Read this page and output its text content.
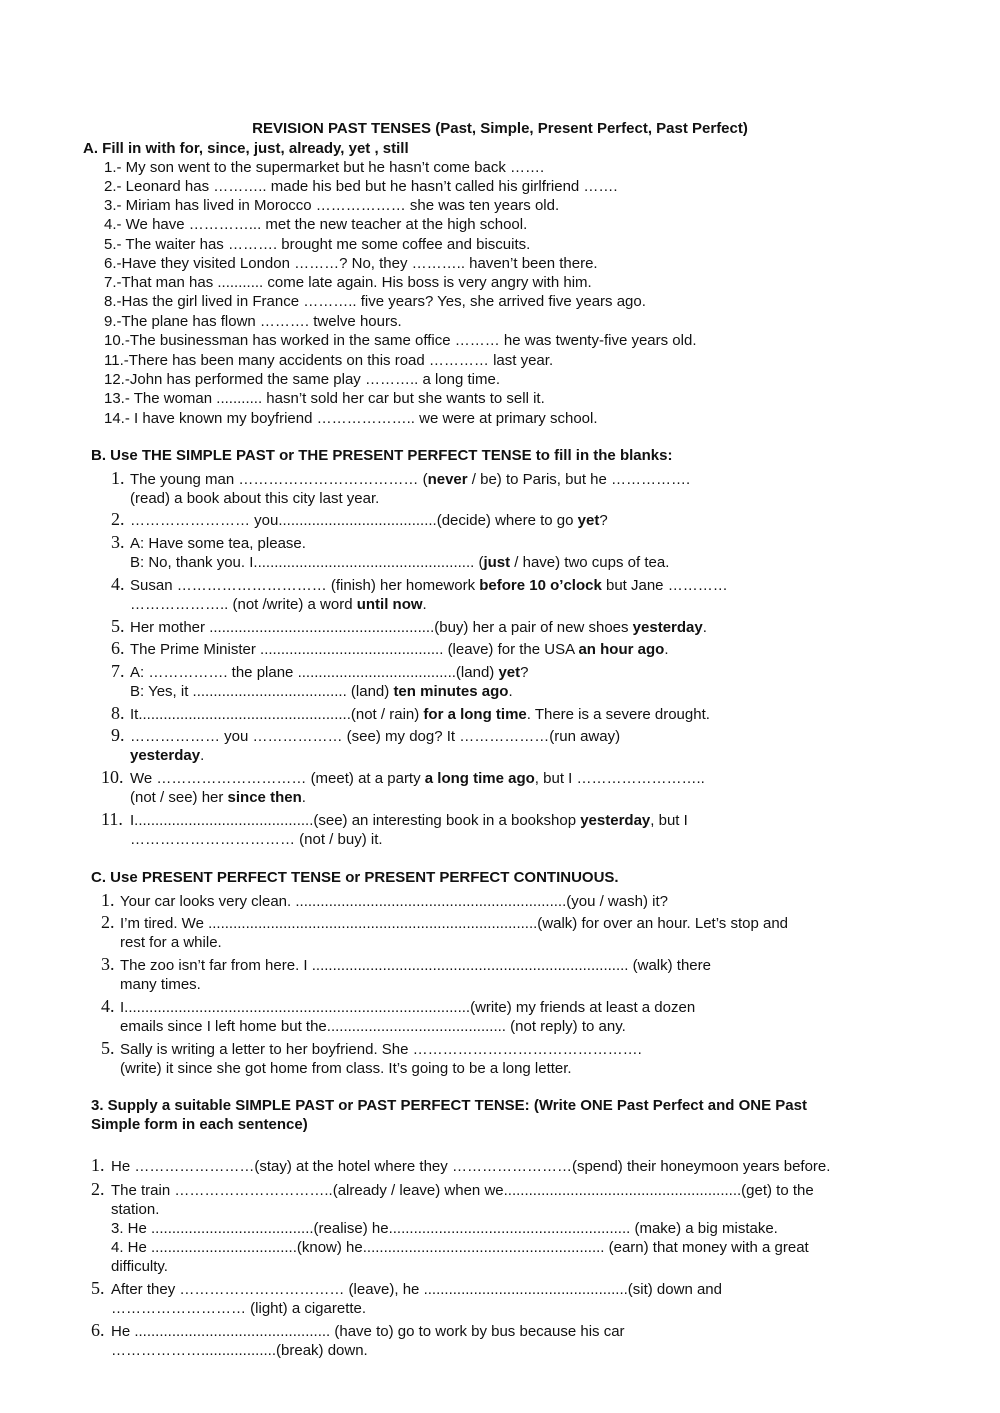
REVISION PAST TENSES (Past, Simple, Present Perfect, Past Perfect)
A. Fill in with for, since, just, already, yet , still
1.- My son went to the supermarket but he hasn’t come back …….
2.- Leonard has ……….. made his bed but he hasn’t called his girlfriend …….
3.- Miriam has lived in Morocco ……………… she was ten years old.
4.- We have …………... met the new teacher at the high school.
5.- The waiter has ………. brought me some coffee and biscuits.
6.-Have they visited London ………? No, they ……….. haven’t been there.
7.-That man has ........... come late again. His boss is very angry with him.
8.-Has the girl lived in France ……….. five years? Yes, she arrived five years ago.
9.-The plane has flown ………. twelve hours.
10.-The businessman has worked in the same office ……… he was twenty-five years old.
11.-There has been many accidents on this road ………… last year.
12.-John has performed the same play ……….. a long time.
13.- The woman ........... hasn’t sold her car but she wants to sell it.
14.- I have known my boyfriend ……………….. we were at primary school.
B. Use THE SIMPLE PAST or THE PRESENT PERFECT TENSE to fill in the blanks:
1. The young man ……………………………… (never / be) to Paris, but he …………….
(read) a book about this city last year.
2. …………………… you......................................(decide) where to go yet?
3. A: Have some tea, please.
B: No, thank you. I..................................................... (just / have) two cups of tea.
4. Susan ………………………… (finish) her homework before 10 o’clock but Jane …………
……………….. (not /write) a word until now.
5. Her mother ......................................................(buy) her a pair of new shoes yesterday.
6. The Prime Minister ............................................ (leave) for the USA an hour ago.
7. A: ……………. the plane ......................................(land) yet?
B: Yes, it ..................................... (land) ten minutes ago.
8. It...................................................(not / rain) for a long time. There is a severe drought.
9. ……………… you ……………… (see) my dog? It ………………(run away)
yesterday.
10. We ………………………… (meet) at a party a long time ago, but I ……………………..
(not / see) her since then.
11. I...........................................(see) an interesting book in a bookshop yesterday, but I
…………………………… (not / buy) it.
C. Use PRESENT PERFECT TENSE or PRESENT PERFECT CONTINUOUS.
1. Your car looks very clean. .................................................................(you / wash) it?
2. I’m tired. We ...............................................................................(walk) for over an hour. Let’s stop and
rest for a while.
3. The zoo isn’t far from here. I ............................................................................ (walk) there
many times.
4. I...................................................................................(write) my friends at least a dozen
emails since I left home but the........................................... (not reply) to any.
5. Sally is writing a letter to her boyfriend. She ……………………………………….
(write) it since she got home from class. It’s going to be a long letter.
3. Supply a suitable SIMPLE PAST or PAST PERFECT TENSE: (Write ONE Past Perfect and ONE Past
Simple form in each sentence)
1. He ……………………(stay) at the hotel where they ……………………(spend) their honeymoon years before.
2. The train …………………………..(already / leave) when we.........................................................(get) to the
station.
3. He .......................................(realise) he.......................................................... (make) a big mistake.
4. He ...................................(know) he.......................................................... (earn) that money with a great
difficulty.
5. After they …………………………… (leave), he .................................................(sit) down and
……………………… (light) a cigarette.
6. He ............................................... (have to) go to work by bus because his car
………………..................(break) down.
